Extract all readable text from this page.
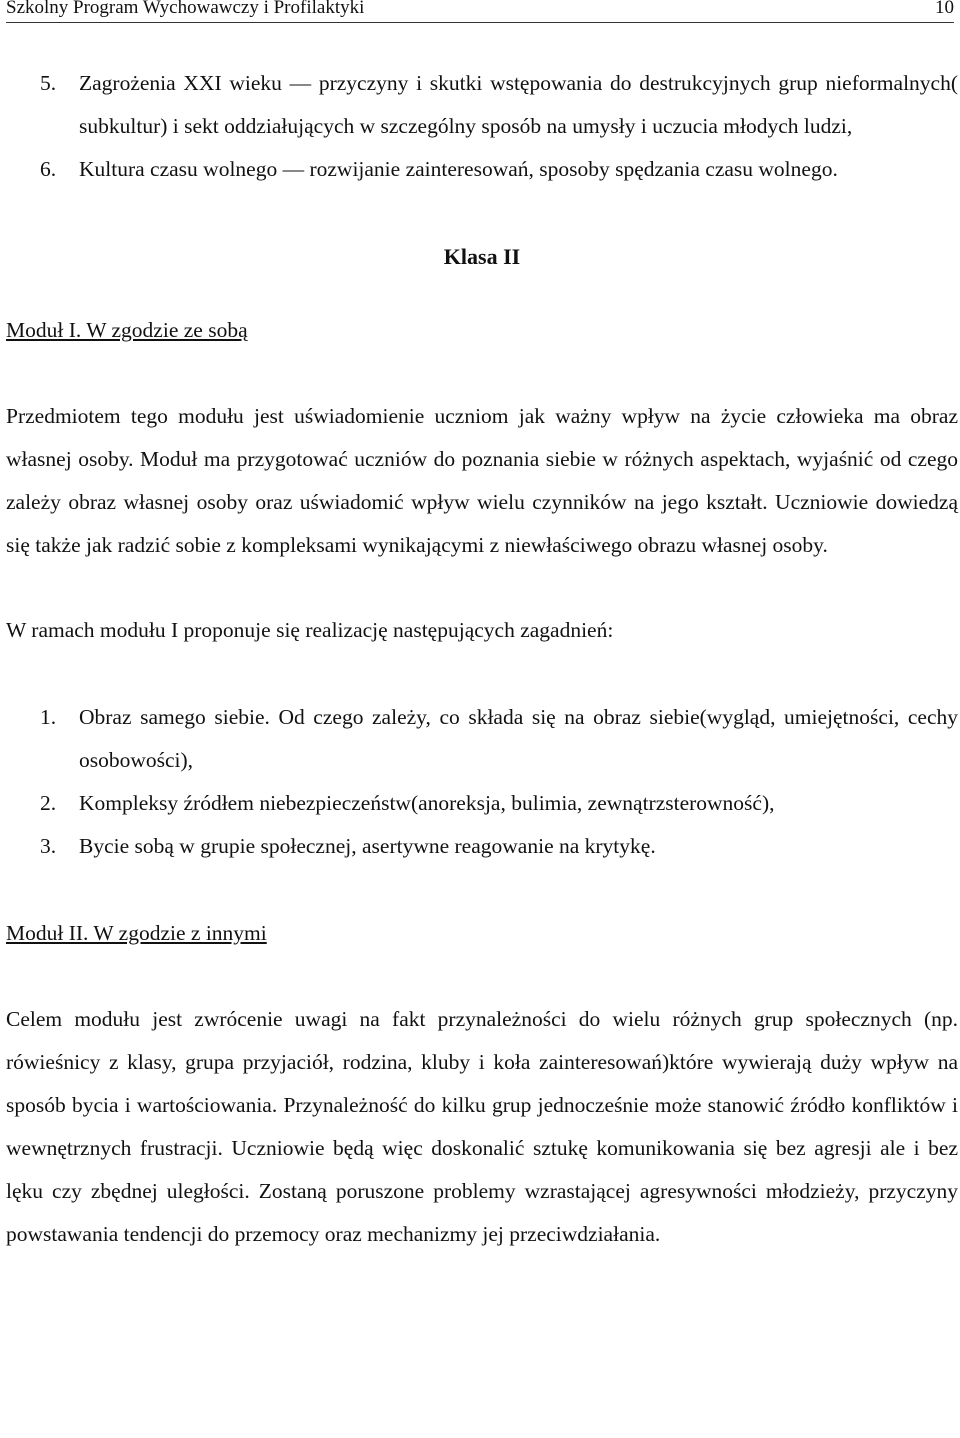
Szkolny Program Wychowawczy i Profilaktyki	10
5.	Zagrożenia XXI wieku — przyczyny i skutki wstępowania do destrukcyjnych grup nieformalnych( subkultur) i sekt oddziałujących w szczególny sposób na umysły i uczucia młodych ludzi,
6.	Kultura czasu wolnego — rozwijanie zainteresowań, sposoby spędzania czasu wolnego.
Klasa II
Moduł I. W zgodzie ze sobą
Przedmiotem tego modułu jest uświadomienie uczniom jak ważny wpływ na życie człowieka ma obraz własnej osoby. Moduł ma przygotować uczniów do poznania siebie w różnych aspektach, wyjaśnić od czego zależy obraz własnej osoby oraz uświadomić wpływ wielu czynników na jego kształt. Uczniowie dowiedzą się także jak radzić sobie z kompleksami wynikającymi z niewłaściwego obrazu własnej osoby.
W ramach modułu I proponuje się realizację następujących zagadnień:
1.	Obraz samego siebie. Od czego zależy, co składa się na obraz siebie(wygląd, umiejętności, cechy osobowości),
2.	Kompleksy źródłem niebezpieczeństw(anoreksja, bulimia, zewnątrzsterowność),
3.	Bycie sobą w grupie społecznej, asertywne reagowanie na krytykę.
Moduł II. W zgodzie z innymi
Celem modułu jest zwrócenie uwagi na fakt przynależności do wielu różnych grup społecznych (np. rówieśnicy z klasy, grupa przyjaciół, rodzina, kluby i koła zainteresowań)które wywierają duży wpływ na sposób bycia i wartościowania. Przynależność do kilku grup jednocześnie może stanowić źródło konfliktów i wewnętrznych frustracji. Uczniowie będą więc doskonalić sztukę komunikowania się bez agresji ale i bez lęku czy zbędnej uległości. Zostaną poruszone problemy wzrastającej agresywności młodzieży, przyczyny powstawania tendencji do przemocy oraz mechanizmy jej przeciwdziałania.
